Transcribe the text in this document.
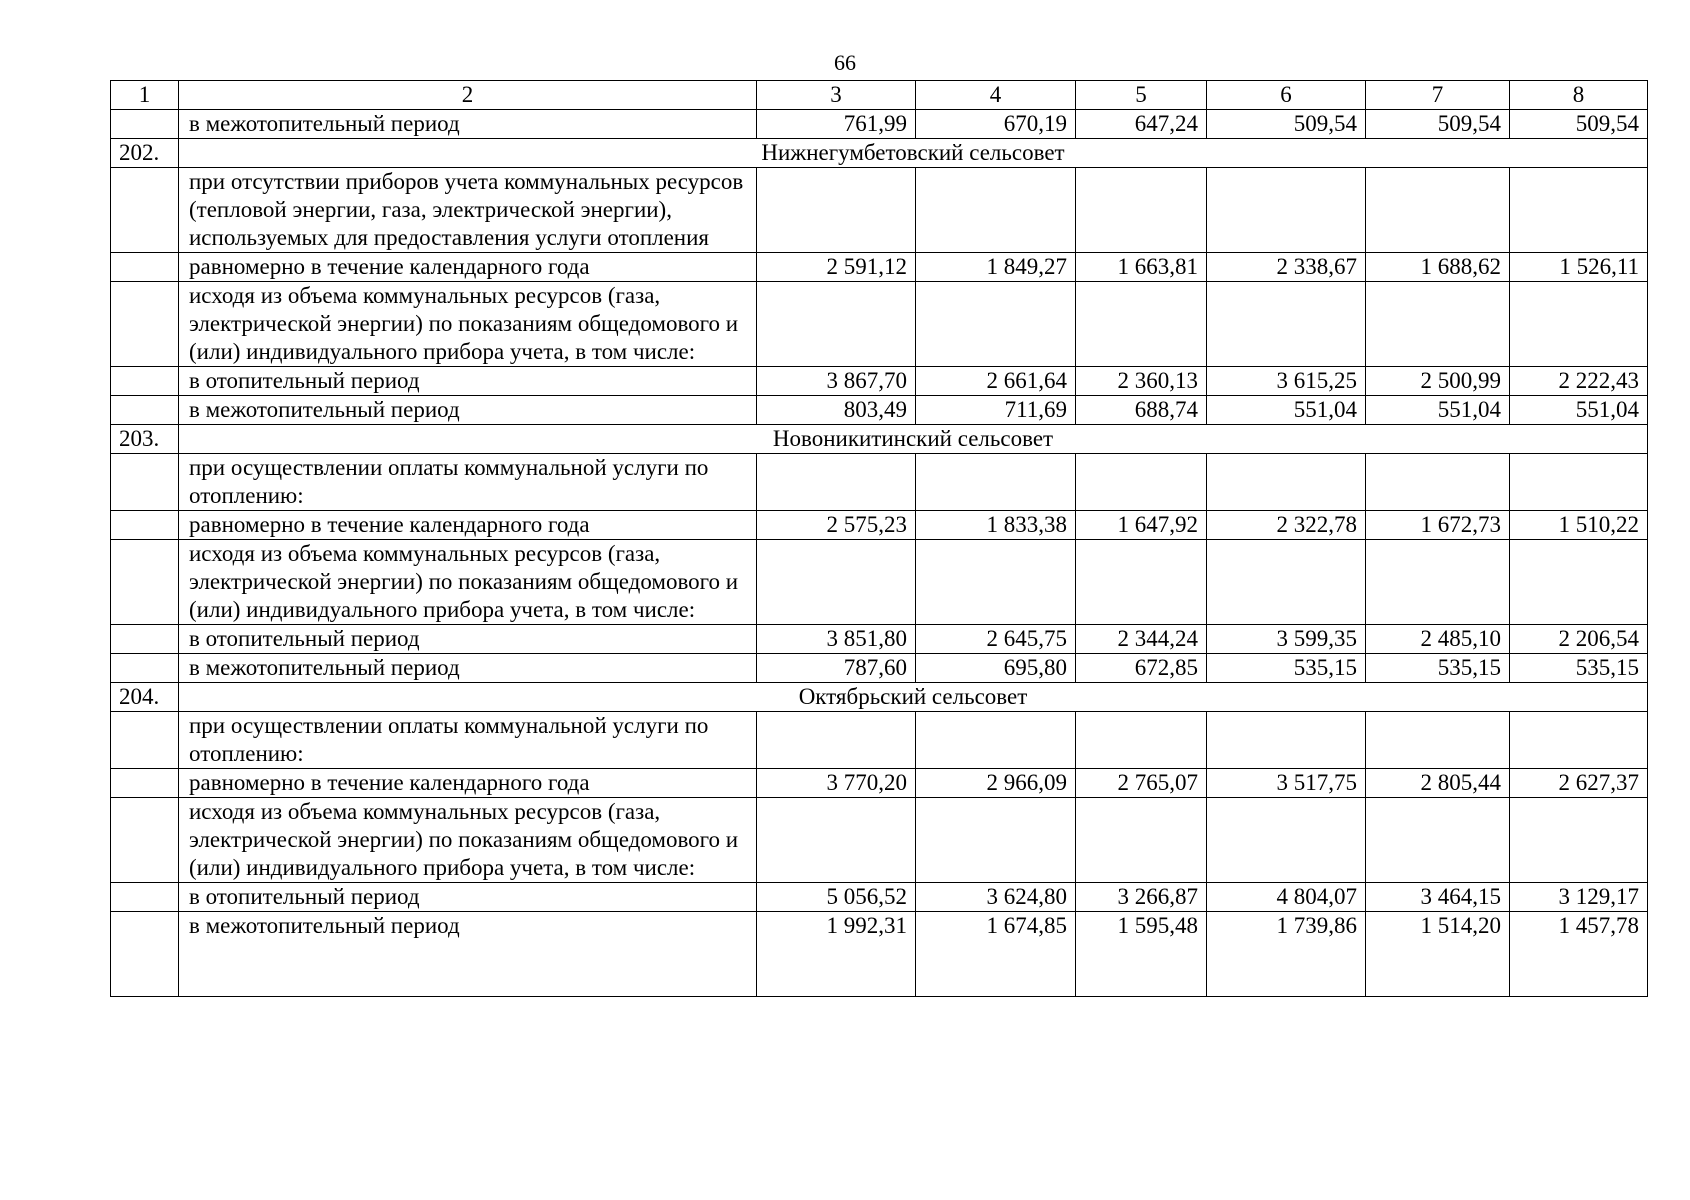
66
1	2	3	4	5	6	7	8
	в межотопительный период	761,99	670,19	647,24	509,54	509,54	509,54
202.	Нижнегумбетовский сельсовет						
	при отсутствии приборов учета коммунальных ресурсов (тепловой энергии, газа, электрической энергии), используемых для предоставления услуги отопления						
	равномерно в течение календарного года	2 591,12	1 849,27	1 663,81	2 338,67	1 688,62	1 526,11
	исходя из объема коммунальных ресурсов (газа, электрической энергии) по показаниям общедомового и (или) индивидуального прибора учета, в том числе:						
	в отопительный период	3 867,70	2 661,64	2 360,13	3 615,25	2 500,99	2 222,43
	в межотопительный период	803,49	711,69	688,74	551,04	551,04	551,04
203.	Новоникитинский сельсовет						
	при осуществлении оплаты коммунальной услуги по отоплению:						
	равномерно в течение календарного года	2 575,23	1 833,38	1 647,92	2 322,78	1 672,73	1 510,22
	исходя из объема коммунальных ресурсов (газа, электрической энергии) по показаниям общедомового и (или) индивидуального прибора учета, в том числе:						
	в отопительный период	3 851,80	2 645,75	2 344,24	3 599,35	2 485,10	2 206,54
	в межотопительный период	787,60	695,80	672,85	535,15	535,15	535,15
204.	Октябрьский сельсовет						
	при осуществлении оплаты коммунальной услуги по отоплению:						
	равномерно в течение календарного года	3 770,20	2 966,09	2 765,07	3 517,75	2 805,44	2 627,37
	исходя из объема коммунальных ресурсов (газа, электрической энергии) по показаниям общедомового и (или) индивидуального прибора учета, в том числе:						
	в отопительный период	5 056,52	3 624,80	3 266,87	4 804,07	3 464,15	3 129,17
	в межотопительный период	1 992,31	1 674,85	1 595,48	1 739,86	1 514,20	1 457,78
